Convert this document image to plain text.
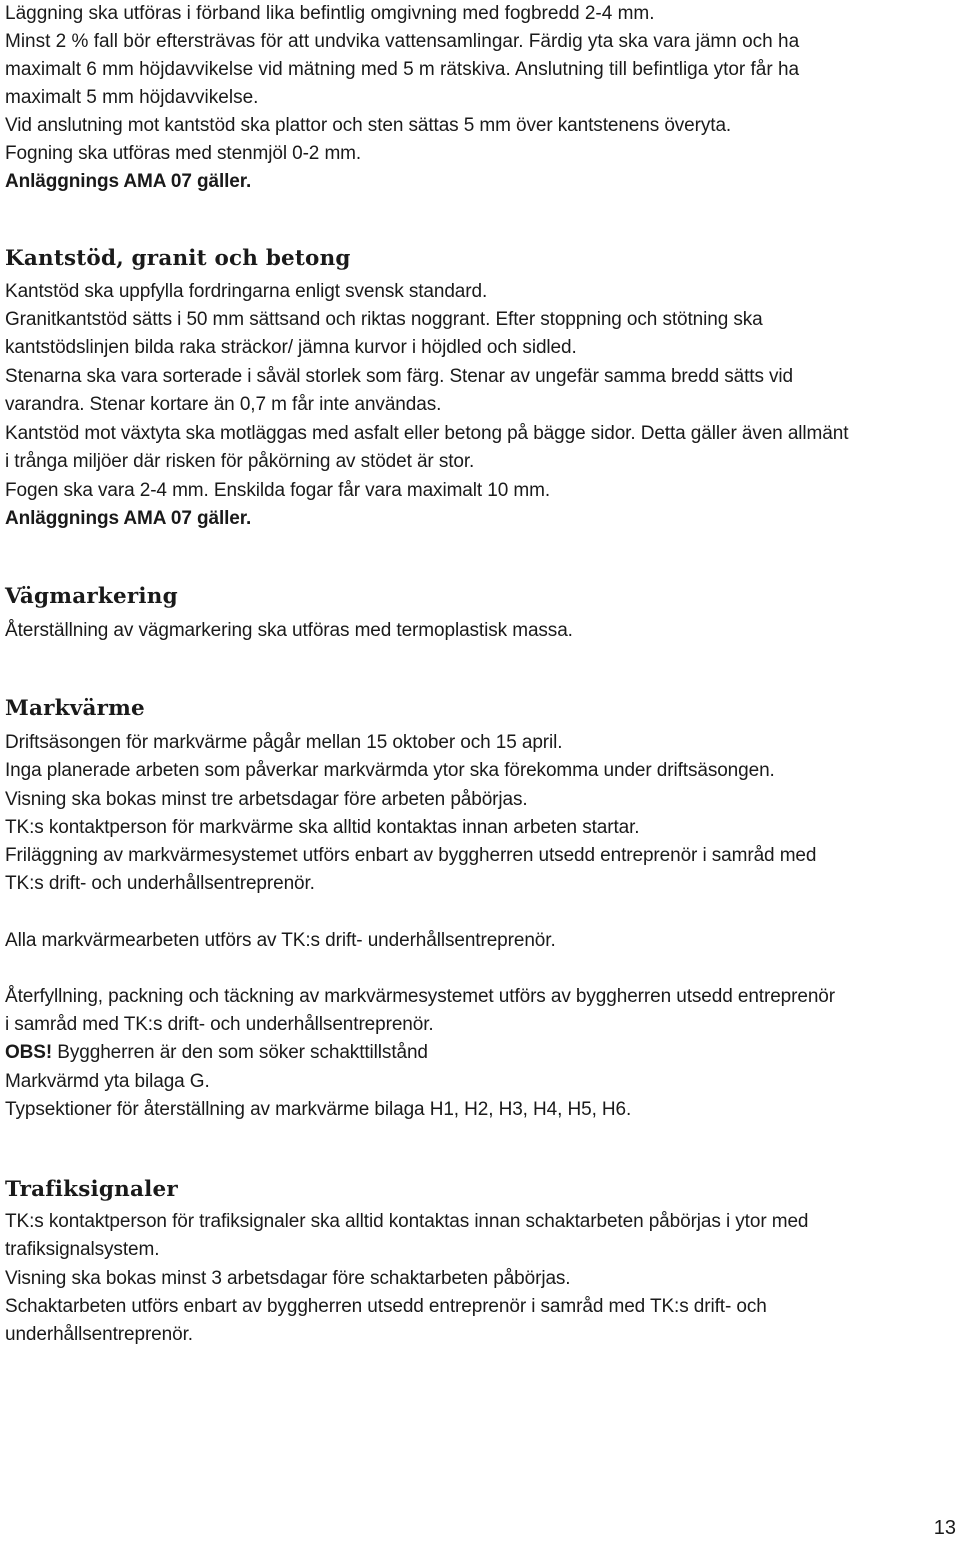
Läggning ska utföras i förband lika befintlig omgivning med fogbredd 2-4 mm.
Minst 2 % fall bör eftersträvas för att undvika vattensamlingar. Färdig yta ska vara jämn och ha
maximalt 6 mm höjdavvikelse vid mätning med 5 m rätskiva. Anslutning till befintliga ytor får ha
maximalt 5 mm höjdavvikelse.
Vid anslutning mot kantstöd ska plattor och sten sättas 5 mm över kantstenens överyta.
Fogning ska utföras med stenmjöl 0-2 mm.
Anläggnings AMA 07 gäller.
Kantstöd, granit och betong
Kantstöd ska uppfylla fordringarna enligt svensk standard.
Granitkantstöd sätts i 50 mm sättsand och riktas noggrant. Efter stoppning och stötning ska
kantstödslinjen bilda raka sträckor/ jämna kurvor i höjdled och sidled.
Stenarna ska vara sorterade i såväl storlek som färg. Stenar av ungefär samma bredd sätts vid
varandra. Stenar kortare än 0,7 m får inte användas.
Kantstöd mot växtyta ska motläggas med asfalt eller betong på bägge sidor. Detta gäller även allmänt
i trånga miljöer där risken för påkörning av stödet är stor.
Fogen ska vara 2-4 mm. Enskilda fogar får vara maximalt 10 mm.
Anläggnings AMA 07 gäller.
Vägmarkering
Återställning av vägmarkering ska utföras med termoplastisk massa.
Markvärme
Driftsäsongen för markvärme pågår mellan 15 oktober och 15 april.
Inga planerade arbeten som påverkar markvärmda ytor ska förekomma under driftsäsongen.
Visning ska bokas minst tre arbetsdagar före arbeten påbörjas.
TK:s kontaktperson för markvärme ska alltid kontaktas innan arbeten startar.
Friläggning av markvärmesystemet utförs enbart av byggherren utsedd entreprenör i samråd med
TK:s drift- och underhållsentreprenör.
Alla markvärmearbeten utförs av TK:s drift- underhållsentreprenör.
Återfyllning, packning och täckning av markvärmesystemet utförs av byggherren utsedd entreprenör
i samråd med TK:s drift- och underhållsentreprenör.
OBS! Byggherren är den som söker schakttillstånd
Markvärmd yta bilaga G.
Typsektioner för återställning av markvärme bilaga H1, H2, H3, H4, H5, H6.
Trafiksignaler
TK:s kontaktperson för trafiksignaler ska alltid kontaktas innan schaktarbeten påbörjas i ytor med
trafiksignalsystem.
Visning ska bokas minst 3 arbetsdagar före schaktarbeten påbörjas.
Schaktarbeten utförs enbart av byggherren utsedd entreprenör i samråd med TK:s drift- och
underhållsentreprenör.
13
